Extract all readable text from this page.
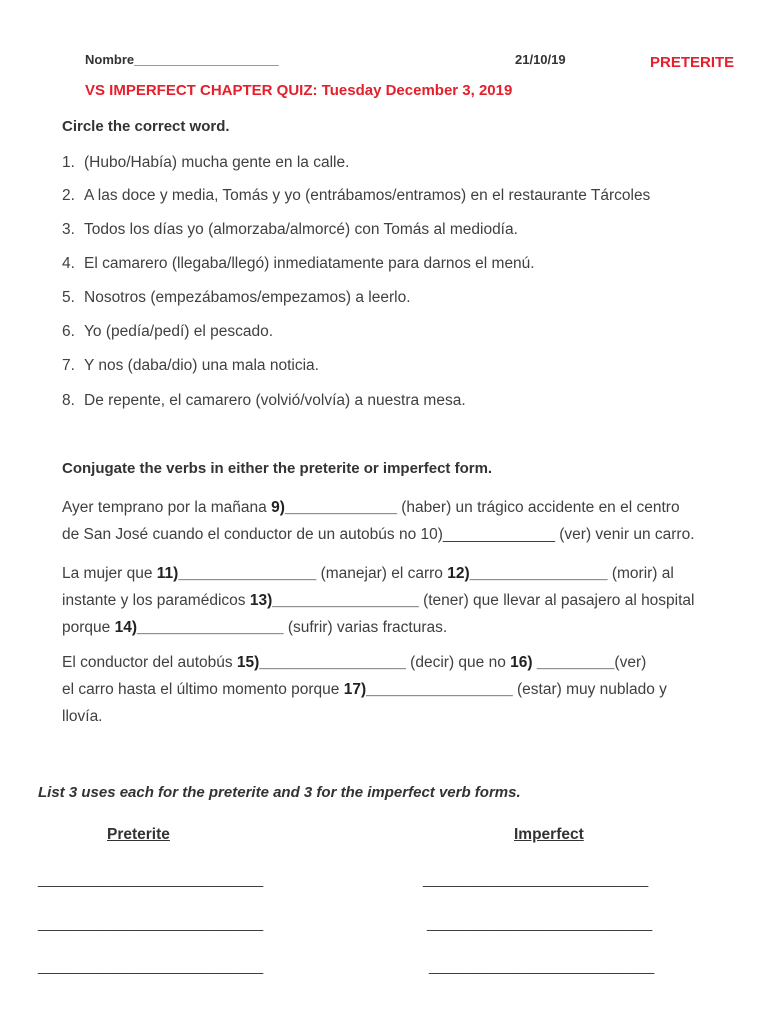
Nombre____________________	21/10/19	PRETERITE
VS IMPERFECT CHAPTER QUIZ: Tuesday December 3, 2019
Circle the correct word.
1. (Hubo/Había) mucha gente en la calle.
2. A las doce y media, Tomás y yo (entrábamos/entramos) en el restaurante Tárcoles
3. Todos los días yo (almorzaba/almorcé) con Tomás al mediodía.
4. El camarero (llegaba/llegó) inmediatamente para darnos el menú.
5. Nosotros (empezábamos/empezamos) a leerlo.
6. Yo (pedía/pedí) el pescado.
7. Y nos (daba/dio) una mala noticia.
8. De repente, el camarero (volvió/volvía) a nuestra mesa.
Conjugate the verbs in either the preterite or imperfect form.
Ayer temprano por la mañana 9)_____________ (haber) un trágico accidente en el centro
de San José cuando el conductor de un autobús no 10)_____________ (ver) venir un carro.
La mujer que 11)________________ (manejar) el carro 12)________________ (morir) al
instante y los paramédicos 13)_________________ (tener) que llevar al pasajero al hospital
porque 14)_________________ (sufrir) varias fracturas.
El conductor del autobús 15)_________________ (decir) que no 16) _________(ver)
el carro hasta el último momento porque 17)_________________ (estar) muy nublado y
llovía.
List 3 uses each for the preterite and 3 for the imperfect verb forms.
Preterite	Imperfect
___________________________
___________________________
___________________________
___________________________
___________________________
___________________________
